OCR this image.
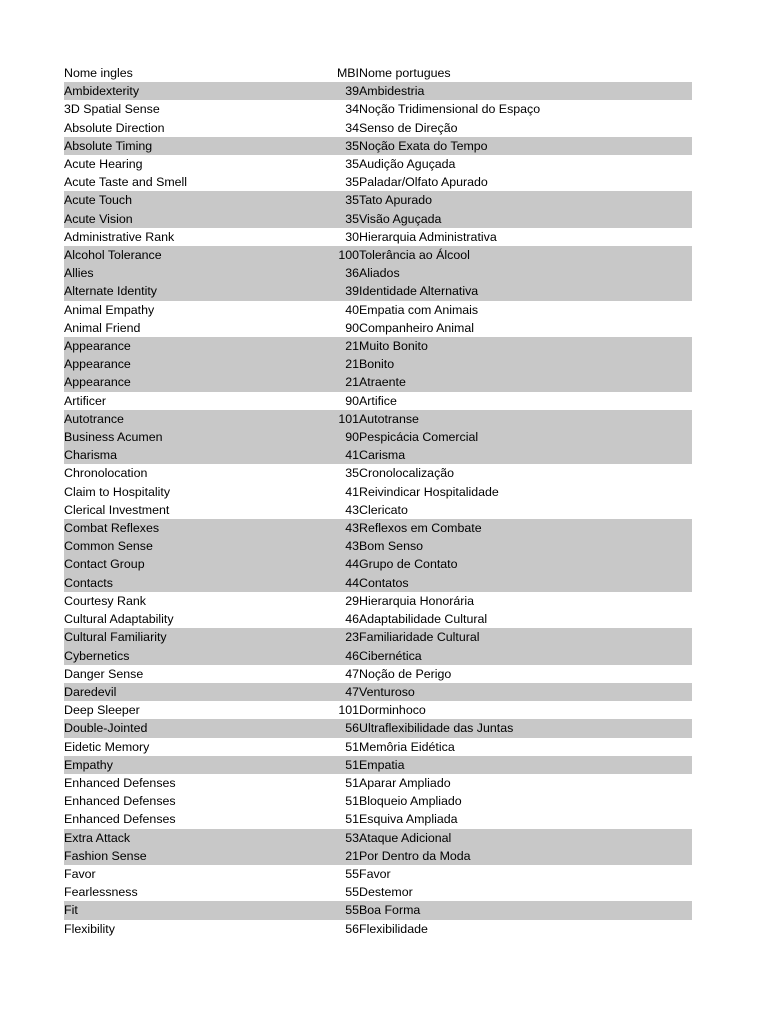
Nome ingles	MBI	Nome portugues
Ambidexterity	39	Ambidestria
3D Spatial Sense	34	Noção Tridimensional do Espaço
Absolute Direction	34	Senso de Direção
Absolute Timing	35	Noção Exata do Tempo
Acute Hearing	35	Audição Aguçada
Acute Taste and Smell	35	Paladar/Olfato Apurado
Acute Touch	35	Tato Apurado
Acute Vision	35	Visão Aguçada
Administrative Rank	30	Hierarquia Administrativa
Alcohol Tolerance	100	Tolerância ao Álcool
Allies	36	Aliados
Alternate Identity	39	Identidade Alternativa
Animal Empathy	40	Empatia com Animais
Animal Friend	90	Companheiro Animal
Appearance	21	Muito Bonito
Appearance	21	Bonito
Appearance	21	Atraente
Artificer	90	Artifice
Autotrance	101	Autotranse
Business Acumen	90	Pespicácia Comercial
Charisma	41	Carisma
Chronolocation	35	Cronolocalização
Claim to Hospitality	41	Reivindicar Hospitalidade
Clerical Investment	43	Clericato
Combat Reflexes	43	Reflexos em Combate
Common Sense	43	Bom Senso
Contact Group	44	Grupo de Contato
Contacts	44	Contatos
Courtesy Rank	29	Hierarquia Honorária
Cultural Adaptability	46	Adaptabilidade Cultural
Cultural Familiarity	23	Familiaridade Cultural
Cybernetics	46	Cibernética
Danger Sense	47	Noção de Perigo
Daredevil	47	Venturoso
Deep Sleeper	101	Dorminhoco
Double-Jointed	56	Ultraflexibilidade das Juntas
Eidetic Memory	51	Memôria Eidética
Empathy	51	Empatia
Enhanced Defenses	51	Aparar Ampliado
Enhanced Defenses	51	Bloqueio Ampliado
Enhanced Defenses	51	Esquiva Ampliada
Extra Attack	53	Ataque Adicional
Fashion Sense	21	Por Dentro da Moda
Favor	55	Favor
Fearlessness	55	Destemor
Fit	55	Boa Forma
Flexibility	56	Flexibilidade
